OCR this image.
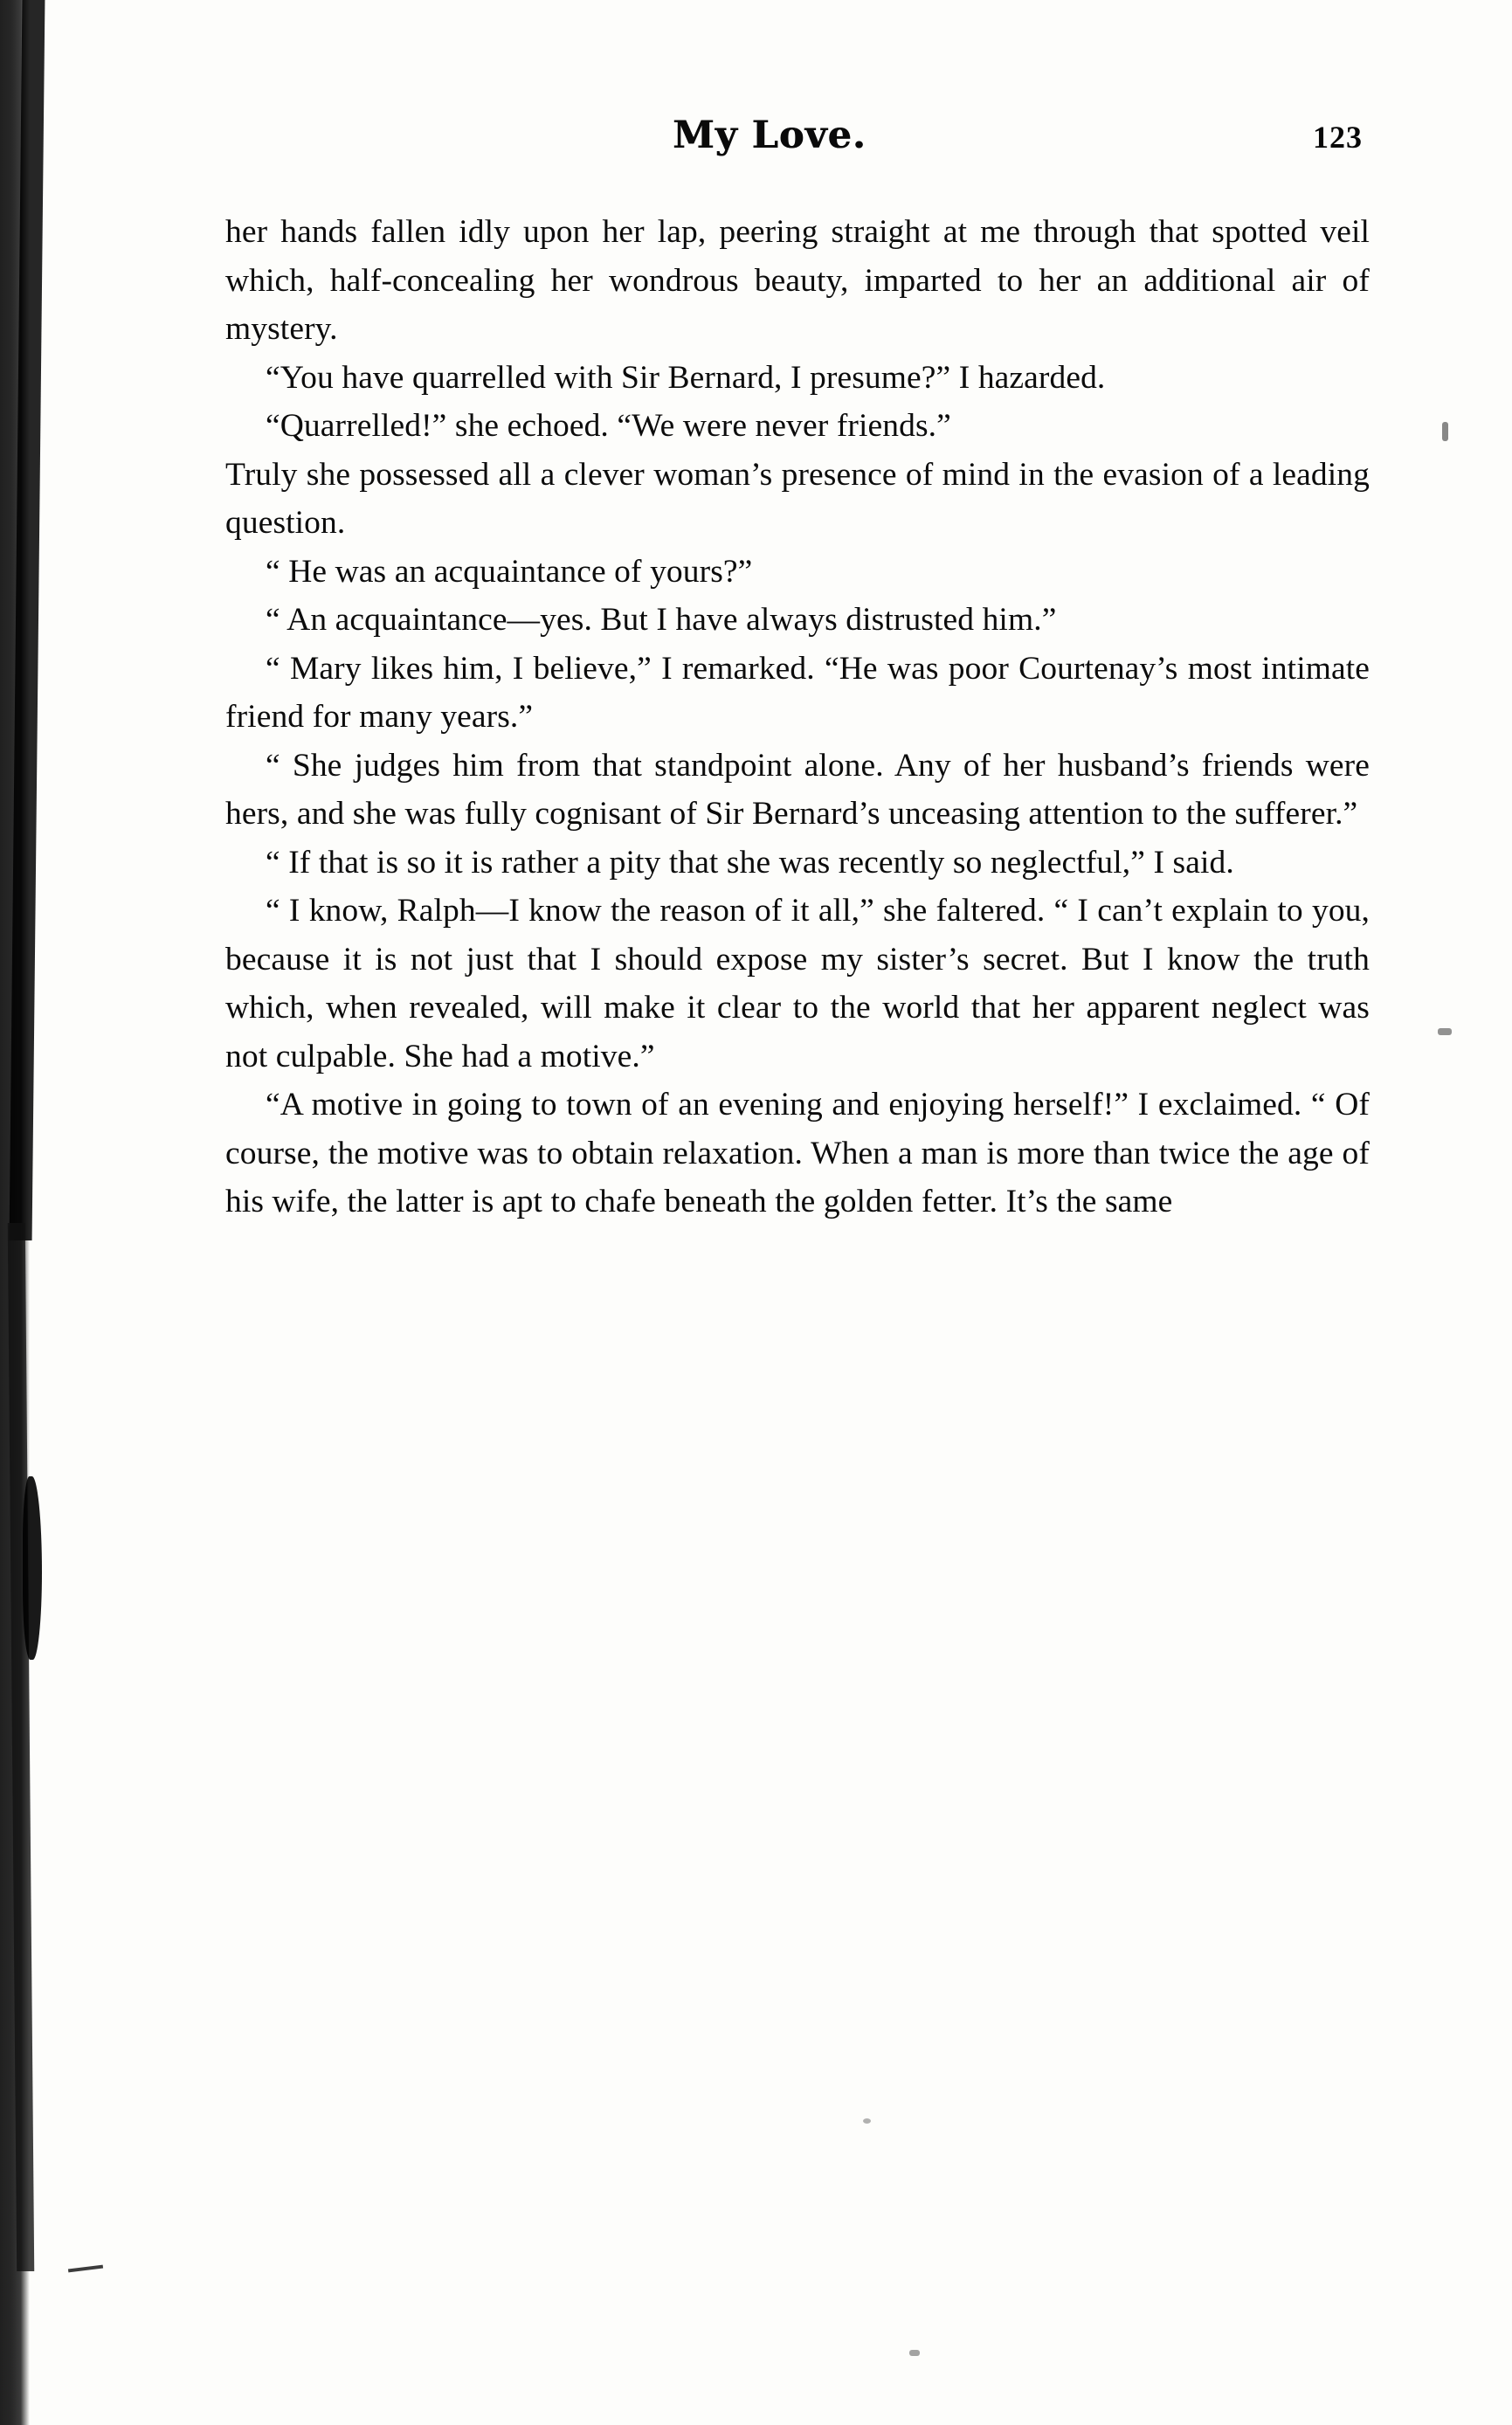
My Love.	123

her hands fallen idly upon her lap, peering straight at me through that spotted veil which, half-concealing her wondrous beauty, imparted to her an additional air of mystery.

“You have quarrelled with Sir Bernard, I presume?” I hazarded.

“Quarrelled!” she echoed. “We were never friends.”

Truly she possessed all a clever woman’s presence of mind in the evasion of a leading question.

“ He was an acquaintance of yours?”

“ An acquaintance—yes. But I have always distrusted him.”

“ Mary likes him, I believe,” I remarked. “He was poor Courtenay’s most intimate friend for many years.”

“ She judges him from that standpoint alone. Any of her husband’s friends were hers, and she was fully cognisant of Sir Bernard’s unceasing attention to the sufferer.”

“ If that is so it is rather a pity that she was recently so neglectful,” I said.

“ I know, Ralph—I know the reason of it all,” she faltered. “ I can’t explain to you, because it is not just that I should expose my sister’s secret. But I know the truth which, when revealed, will make it clear to the world that her apparent neglect was not culpable. She had a motive.”

“A motive in going to town of an evening and enjoying herself!” I exclaimed. “ Of course, the motive was to obtain relaxation. When a man is more than twice the age of his wife, the latter is apt to chafe beneath the golden fetter. It’s the same
